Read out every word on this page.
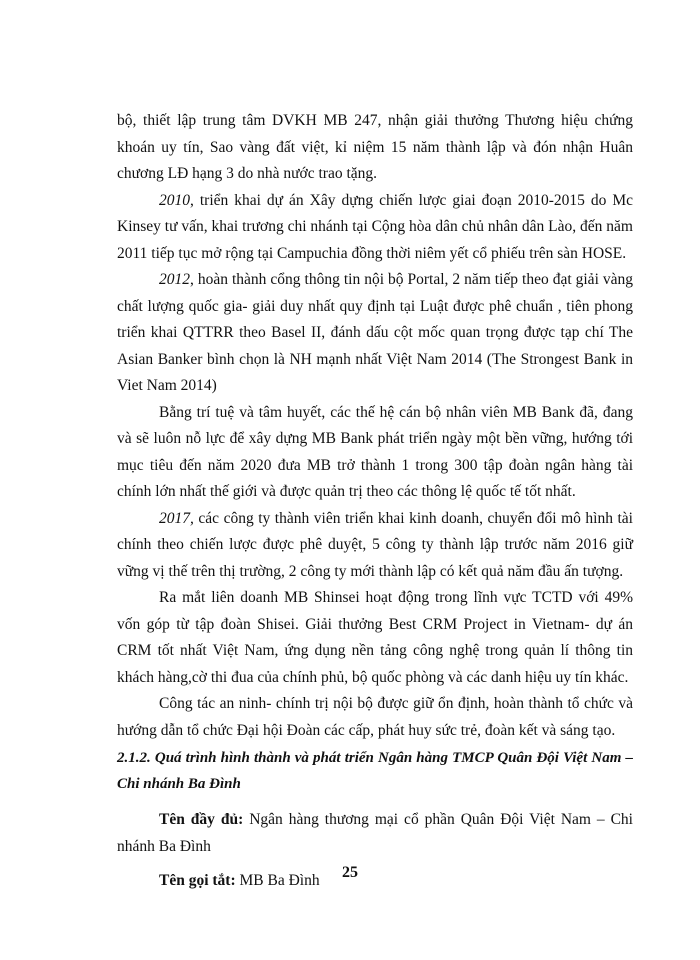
bộ, thiết lập trung tâm DVKH MB 247, nhận giải thưởng Thương hiệu chứng khoán uy tín, Sao vàng đất việt, kỉ niệm 15 năm thành lập và đón nhận Huân chương LĐ hạng 3 do nhà nước trao tặng.

2010, triển khai dự án Xây dựng chiến lược giai đoạn 2010-2015 do Mc Kinsey tư vấn, khai trương chi nhánh tại Cộng hòa dân chủ nhân dân Lào, đến năm 2011 tiếp tục mở rộng tại Campuchia đồng thời niêm yết cổ phiếu trên sàn HOSE.

2012, hoàn thành cổng thông tin nội bộ Portal, 2 năm tiếp theo đạt giải vàng chất lượng quốc gia- giải duy nhất quy định tại Luật được phê chuẩn , tiên phong triển khai QTTRR theo Basel II, đánh dấu cột mốc quan trọng được tạp chí The Asian Banker bình chọn là NH mạnh nhất Việt Nam 2014 (The Strongest Bank in Viet Nam 2014)

Bằng trí tuệ và tâm huyết, các thế hệ cán bộ nhân viên MB Bank đã, đang và sẽ luôn nỗ lực để xây dựng MB Bank phát triển ngày một bền vững, hướng tới mục tiêu đến năm 2020 đưa MB trở thành 1 trong 300 tập đoàn ngân hàng tài chính lớn nhất thế giới và được quản trị theo các thông lệ quốc tế tốt nhất.

2017, các công ty thành viên triển khai kinh doanh, chuyển đổi mô hình tài chính theo chiến lược được phê duyệt, 5 công ty thành lập trước năm 2016 giữ vững vị thế trên thị trường, 2 công ty mới thành lập có kết quả năm đầu ấn tượng.

Ra mắt liên doanh MB Shinsei hoạt động trong lĩnh vực TCTD với 49% vốn góp từ tập đoàn Shisei. Giải thưởng Best CRM Project in Vietnam- dự án CRM tốt nhất Việt Nam, ứng dụng nền tảng công nghệ trong quản lí thông tin khách hàng,cờ thi đua của chính phủ, bộ quốc phòng và các danh hiệu uy tín khác.

Công tác an ninh- chính trị nội bộ được giữ ổn định, hoàn thành tổ chức và hướng dẫn tổ chức Đại hội Đoàn các cấp, phát huy sức trẻ, đoàn kết và sáng tạo.

2.1.2. Quá trình hình thành và phát triển Ngân hàng TMCP Quân Đội Việt Nam – Chi nhánh Ba Đình

Tên đầy đủ: Ngân hàng thương mại cổ phần Quân Đội Việt Nam – Chi nhánh Ba Đình

Tên gọi tắt: MB Ba Đình	25
